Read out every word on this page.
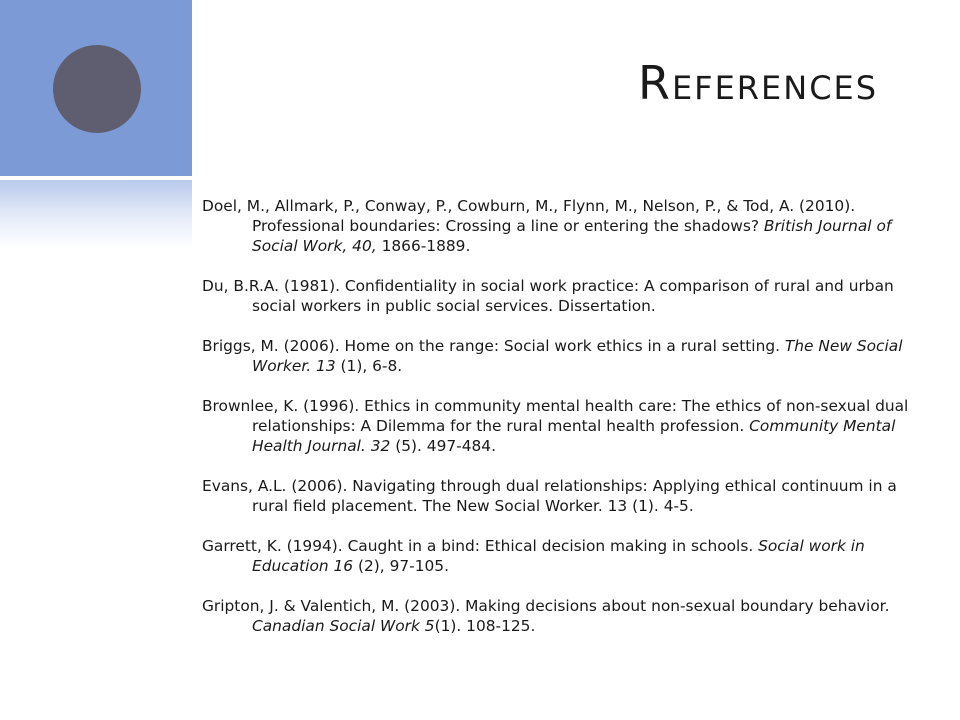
References

Doel, M., Allmark, P., Conway, P., Cowburn, M., Flynn, M., Nelson, P., & Tod, A. (2010). Professional boundaries: Crossing a line or entering the shadows? British Journal of Social Work, 40, 1866-1889.

Du, B.R.A. (1981). Confidentiality in social work practice: A comparison of rural and urban social workers in public social services. Dissertation.

Briggs, M. (2006). Home on the range: Social work ethics in a rural setting. The New Social Worker. 13 (1), 6-8.

Brownlee, K. (1996). Ethics in community mental health care: The ethics of non-sexual dual relationships: A Dilemma for the rural mental health profession. Community Mental Health Journal. 32 (5). 497-484.

Evans, A.L. (2006). Navigating through dual relationships: Applying ethical continuum in a rural field placement. The New Social Worker. 13 (1). 4-5.

Garrett, K. (1994). Caught in a bind: Ethical decision making in schools. Social work in Education 16 (2), 97-105.

Gripton, J. & Valentich, M. (2003). Making decisions about non-sexual boundary behavior. Canadian Social Work 5(1). 108-125.
